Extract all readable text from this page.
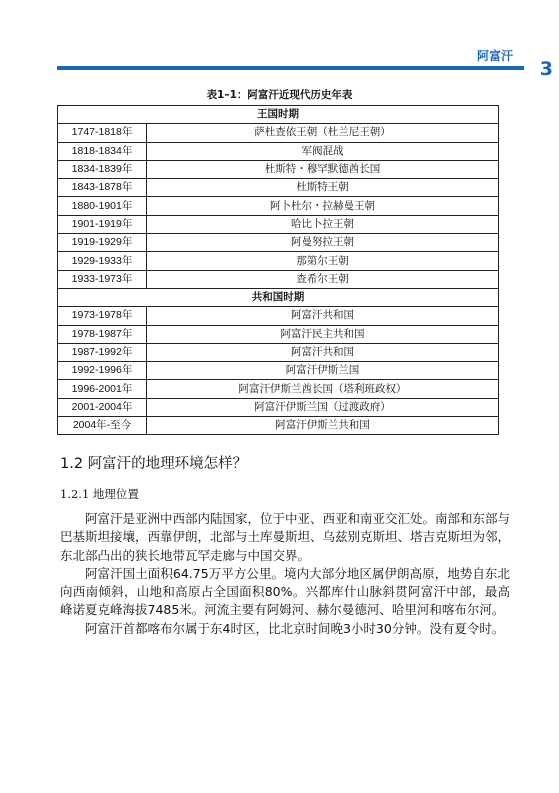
阿富汗
3
表1–1：阿富汗近现代历史年表
王国时期	
1747-1818年	萨杜查依王朝（杜兰尼王朝）
1818-1834年	军阀混战
1834-1839年	杜斯特・穆罕默德酋长国
1843-1878年	杜斯特王朝
1880-1901年	阿卜杜尔・拉赫曼王朝
1901-1919年	哈比卜拉王朝
1919-1929年	阿曼努拉王朝
1929-1933年	那第尔王朝
1933-1973年	查希尔王朝
共和国时期	
1973-1978年	阿富汗共和国
1978-1987年	阿富汗民主共和国
1987-1992年	阿富汗共和国
1992-1996年	阿富汗伊斯兰国
1996-2001年	阿富汗伊斯兰酋长国（塔利班政权）
2001-2004年	阿富汗伊斯兰国（过渡政府）
2004年-至今	阿富汗伊斯兰共和国
1.2 阿富汗的地理环境怎样？
1.2.1 地理位置

阿富汗是亚洲中西部内陆国家，位于中亚、西亚和南亚交汇处。南部和东部与巴基斯坦接壤，西靠伊朗，北部与土库曼斯坦、乌兹别克斯坦、塔吉克斯坦为邻，东北部凸出的狭长地带瓦罕走廊与中国交界。

阿富汗国土面积64.75万平方公里。境内大部分地区属伊朗高原，地势自东北向西南倾斜，山地和高原占全国面积80%。兴都库什山脉斜贯阿富汗中部，最高峰诺夏克峰海拔7485米。河流主要有阿姆河、赫尔曼德河、哈里河和喀布尔河。

阿富汗首都喀布尔属于东4时区，比北京时间晚3小时30分钟。没有夏令时。
